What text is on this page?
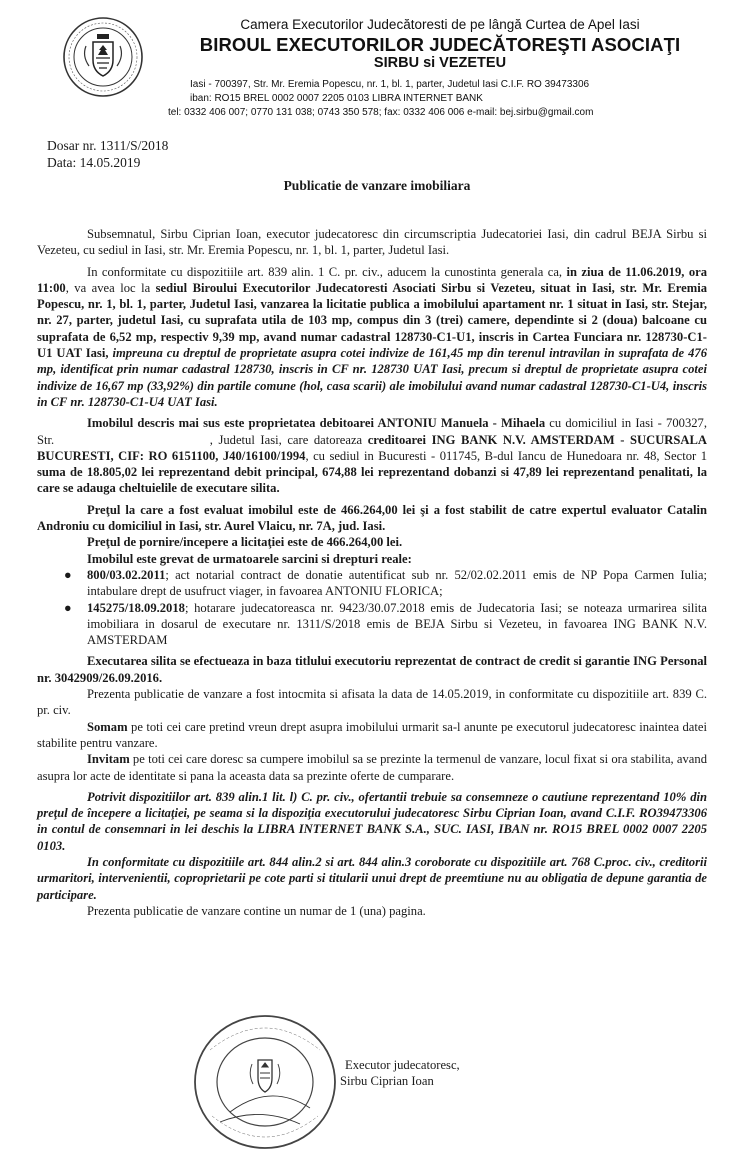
Camera Executorilor Judecătoresti de pe lângă Curtea de Apel Iasi
BIROUL EXECUTORILOR JUDECĂTOREŞTI ASOCIAŢI
SIRBU si VEZETEU
Iasi - 700397, Str. Mr. Eremia Popescu, nr. 1, bl. 1, parter, Judetul Iasi C.I.F. RO 39473306
iban: RO15 BREL 0002 0007 2205 0103 LIBRA INTERNET BANK
tel: 0332 406 007; 0770 131 038; 0743 350 578; fax: 0332 406 006 e-mail: bej.sirbu@gmail.com
Dosar nr. 1311/S/2018
Data: 14.05.2019
Publicatie de vanzare imobiliara

Subsemnatul, Sirbu Ciprian Ioan, executor judecatoresc din circumscriptia Judecatoriei Iasi, din cadrul BEJA Sirbu si Vezeteu, cu sediul in Iasi, str. Mr. Eremia Popescu, nr. 1, bl. 1, parter, Judetul Iasi.

In conformitate cu dispozitiile art. 839 alin. 1 C. pr. civ., aducem la cunostinta generala ca, in ziua de 11.06.2019, ora 11:00, va avea loc la sediul Biroului Executorilor Judecatoresti Asociati Sirbu si Vezeteu, situat in Iasi, str. Mr. Eremia Popescu, nr. 1, bl. 1, parter, Judetul Iasi, vanzarea la licitatie publica a imobilului apartament nr. 1 situat in Iasi, str. Stejar, nr. 27, parter, judetul Iasi, cu suprafata utila de 103 mp, compus din 3 (trei) camere, dependinte si 2 (doua) balcoane cu suprafata de 6,52 mp, respectiv 9,39 mp, avand numar cadastral 128730-C1-U1, inscris in Cartea Funciara nr. 128730-C1-U1 UAT Iasi, impreuna cu dreptul de proprietate asupra cotei indivize de 161,45 mp din terenul intravilan in suprafata de 476 mp, identificat prin numar cadastral 128730, inscris in CF nr. 128730 UAT Iasi, precum si dreptul de proprietate asupra cotei indivize de 16,67 mp (33,92%) din partile comune (hol, casa scarii) ale imobilului avand numar cadastral 128730-C1-U4, inscris in CF nr. 128730-C1-U4 UAT Iasi.

Imobilul descris mai sus este proprietatea debitoarei ANTONIU Manuela - Mihaela cu domiciliul in Iasi - 700327, Str.	, Judetul Iasi, care datoreaza creditoarei ING BANK N.V. AMSTERDAM - SUCURSALA BUCURESTI, CIF: RO 6151100, J40/16100/1994, cu sediul in Bucuresti - 011745, B-dul Iancu de Hunedoara nr. 48, Sector 1 suma de 18.805,02 lei reprezentand debit principal, 674,88 lei reprezentand dobanzi si 47,89 lei reprezentand penalitati, la care se adauga cheltuielile de executare silita.

Preţul la care a fost evaluat imobilul este de 466.264,00 lei şi a fost stabilit de catre expertul evaluator Catalin Androniu cu domiciliul in Iasi, str. Aurel Vlaicu, nr. 7A, jud. Iasi.

Preţul de pornire/incepere a licitaţiei este de 466.264,00 lei.

Imobilul este grevat de urmatoarele sarcini si drepturi reale:

● 800/03.02.2011; act notarial contract de donatie autentificat sub nr. 52/02.02.2011 emis de NP Popa Carmen Iulia; intabulare drept de usufruct viager, in favoarea ANTONIU FLORICA;

● 145275/18.09.2018; hotarare judecatoreasca nr. 9423/30.07.2018 emis de Judecatoria Iasi; se noteaza urmarirea silita imobiliara in dosarul de executare nr. 1311/S/2018 emis de BEJA Sirbu si Vezeteu, in favoarea ING BANK N.V. AMSTERDAM

Executarea silita se efectueaza in baza titlului executoriu reprezentat de contract de credit si garantie ING Personal nr. 3042909/26.09.2016.

Prezenta publicatie de vanzare a fost intocmita si afisata la data de 14.05.2019, in conformitate cu dispozitiile art. 839 C. pr. civ.

Somam pe toti cei care pretind vreun drept asupra imobilului urmarit sa-l anunte pe executorul judecatoresc inaintea datei stabilite pentru vanzare.

Invitam pe toti cei care doresc sa cumpere imobilul sa se prezinte la termenul de vanzare, locul fixat si ora stabilita, avand asupra lor acte de identitate si pana la aceasta data sa prezinte oferte de cumparare.

Potrivit dispozitiilor art. 839 alin.1 lit. l) C. pr. civ., ofertantii trebuie sa consemneze o cautiune reprezentand 10% din preţul de începere a licitaţiei, pe seama si la dispoziţia executorului judecatoresc Sirbu Ciprian Ioan, avand C.I.F. RO39473306 in contul de consemnari in lei deschis la LIBRA INTERNET BANK S.A., SUC. IASI, IBAN nr. RO15 BREL 0002 0007 2205 0103.

In conformitate cu dispozitiile art. 844 alin.2 si art. 844 alin.3 coroborate cu dispozitiile art. 768 C.proc. civ., creditorii urmaritori, intervenientii, coproprietarii pe cote parti si titularii unui drept de preemtiune nu au obligatia de depune garantia de participare.

Prezenta publicatie de vanzare contine un numar de 1 (una) pagina.

Executor judecatoresc,
Sirbu Ciprian Ioan
